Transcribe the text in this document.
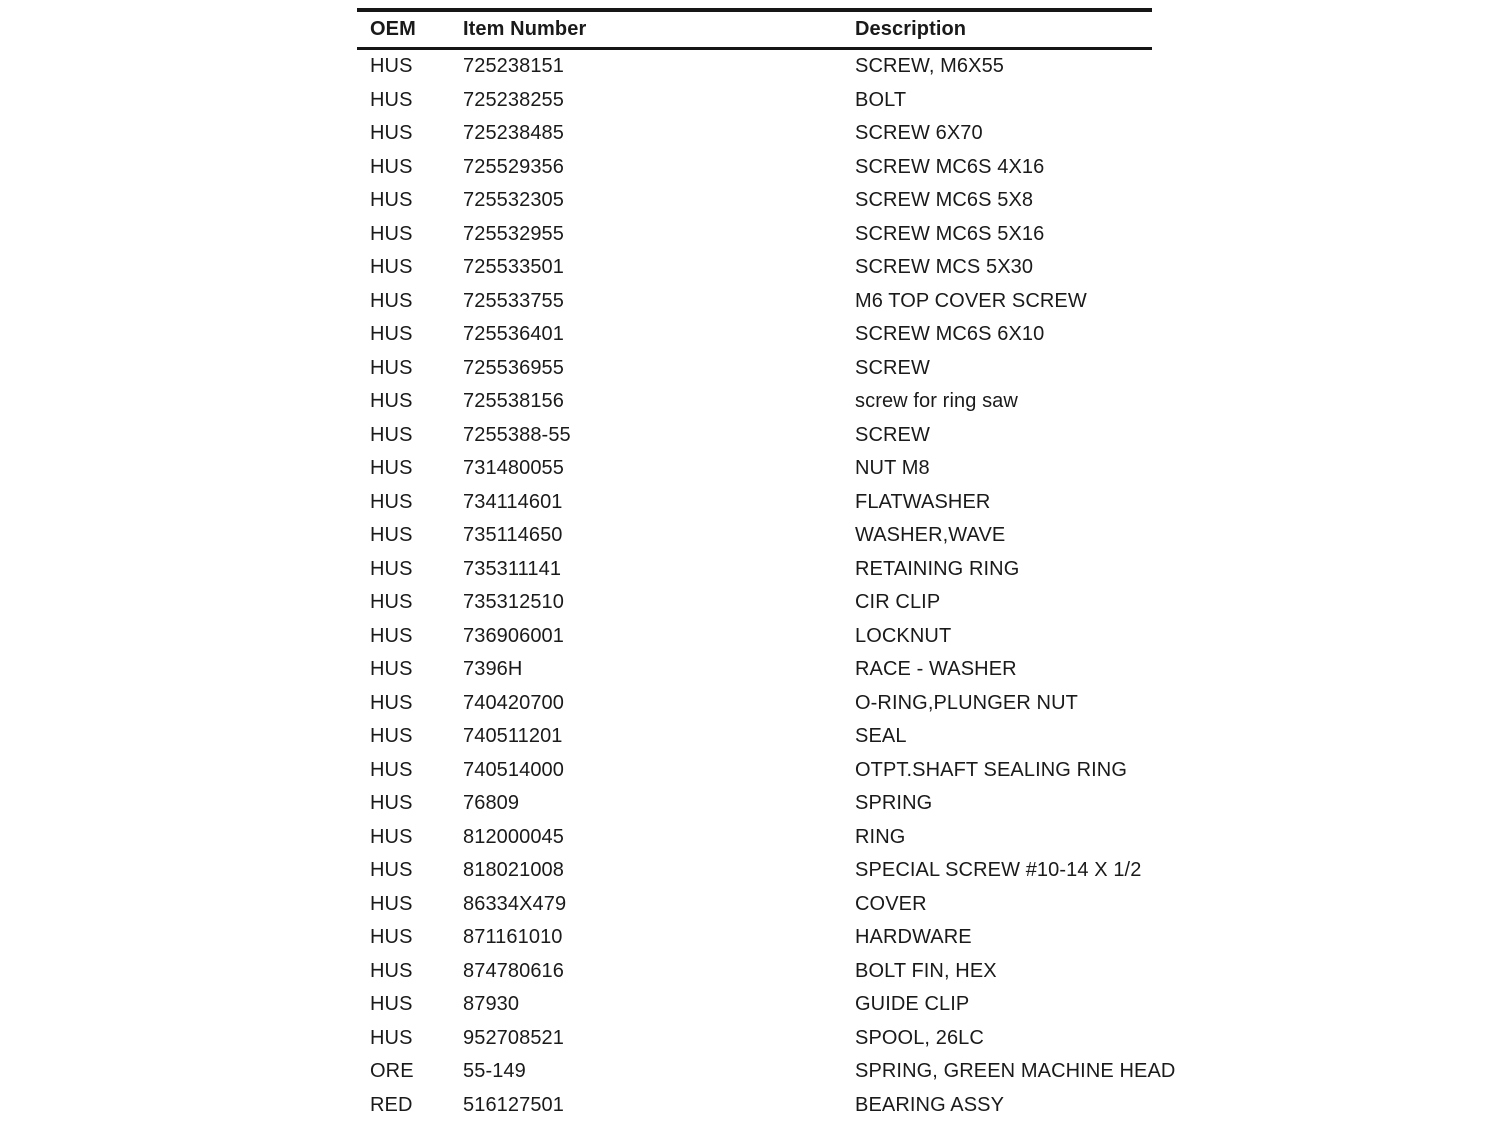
OEM	Item Number	Description
HUS	725238151	SCREW, M6X55
HUS	725238255	BOLT
HUS	725238485	SCREW 6X70
HUS	725529356	SCREW MC6S 4X16
HUS	725532305	SCREW MC6S 5X8
HUS	725532955	SCREW MC6S 5X16
HUS	725533501	SCREW MCS 5X30
HUS	725533755	M6 TOP COVER SCREW
HUS	725536401	SCREW MC6S 6X10
HUS	725536955	SCREW
HUS	725538156	screw for ring saw
HUS	7255388-55	SCREW
HUS	731480055	NUT M8
HUS	734114601	FLATWASHER
HUS	735114650	WASHER,WAVE
HUS	735311141	RETAINING RING
HUS	735312510	CIR CLIP
HUS	736906001	LOCKNUT
HUS	7396H	RACE - WASHER
HUS	740420700	O-RING,PLUNGER NUT
HUS	740511201	SEAL
HUS	740514000	OTPT.SHAFT SEALING RING
HUS	76809	SPRING
HUS	812000045	RING
HUS	818021008	SPECIAL SCREW #10-14 X 1/2
HUS	86334X479	COVER
HUS	871161010	HARDWARE
HUS	874780616	BOLT FIN, HEX
HUS	87930	GUIDE CLIP
HUS	952708521	SPOOL, 26LC
ORE	55-149	SPRING, GREEN MACHINE HEAD
RED	516127501	BEARING ASSY
